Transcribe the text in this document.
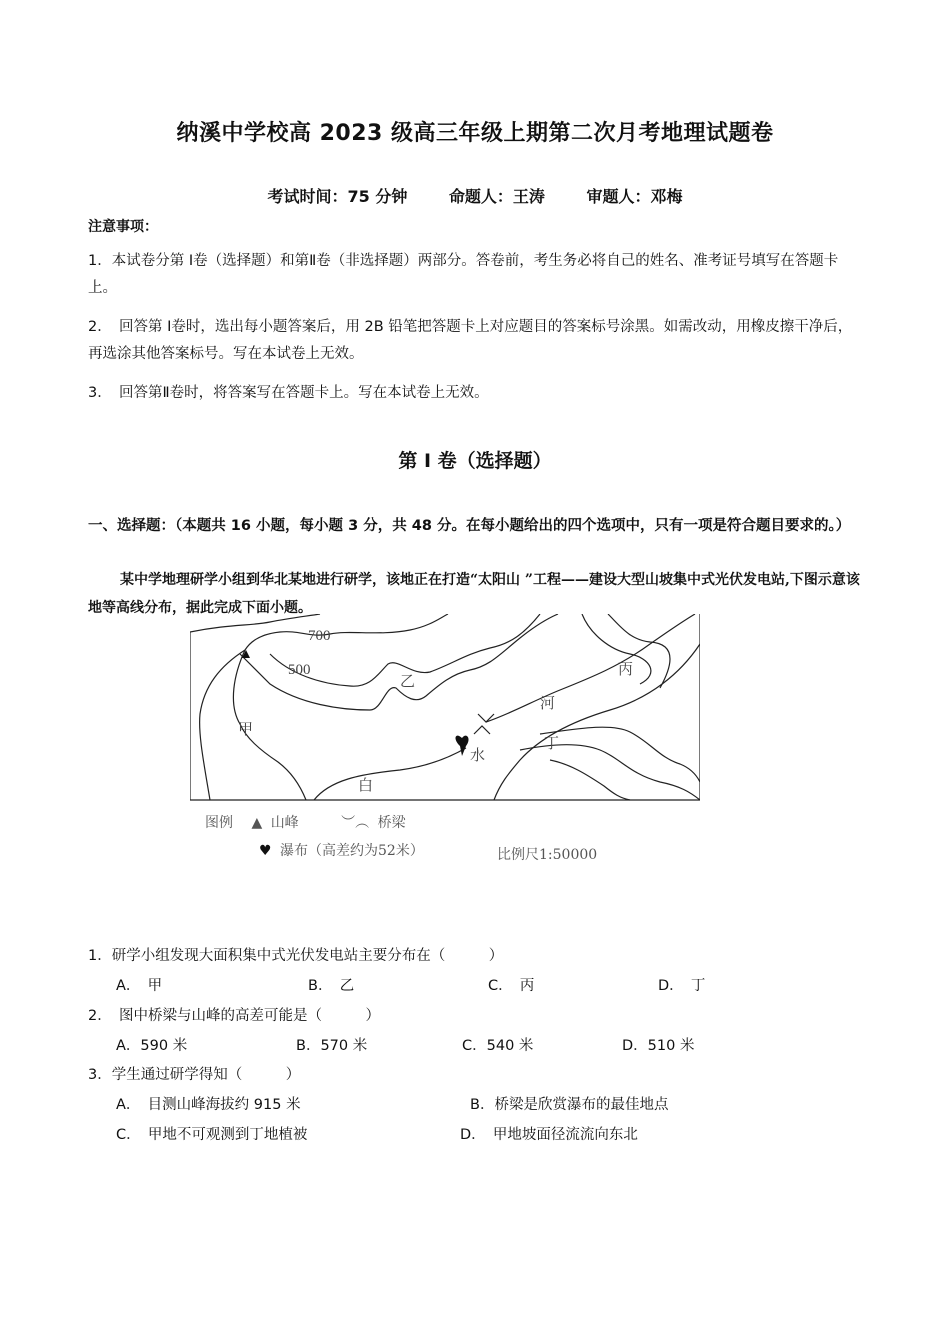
纳溪中学校高 2023 级高三年级上期第二次月考地理试题卷
考试时间：75 分钟	命题人：王涛	审题人：邓梅
注意事项：
1．本试卷分第 Ⅰ卷（选择题）和第Ⅱ卷（非选择题）两部分。答卷前，考生务必将自己的姓名、准考证号填写在答题卡上。
2．　回答第 Ⅰ卷时，选出每小题答案后，用 2B 铅笔把答题卡上对应题目的答案标号涂黑。如需改动，用橡皮擦干净后，再选涂其他答案标号。写在本试卷上无效。
3．　回答第Ⅱ卷时，将答案写在答题卡上。写在本试卷上无效。
第 Ⅰ 卷（选择题）
一、选择题：（本题共 16 小题，每小题 3 分，共 48 分。在每小题给出的四个选项中，只有一项是符合题目要求的。）
某中学地理研学小组到华北某地进行研学，该地正在打造“太阳山 ”工程——建设大型山坡集中式光伏发电站,下图示意该地等高线分布，据此完成下面小题。
700
500
甲
乙
丙
河
丁
水
白
图例 ▲ 山峰	︶︵ 桥梁
♥ 瀑布（高差约为52米）	比例尺1:50000
1．研学小组发现大面积集中式光伏发电站主要分布在（　　　）
A．　甲	B．　乙	C．　丙	D．　丁
2．　图中桥梁与山峰的高差可能是（　　　）
A．590 米	B．570 米	C．540 米	D．510 米
3．学生通过研学得知（　　　）
A．　目测山峰海拔约 915 米	B．桥梁是欣赏瀑布的最佳地点
C．　甲地不可观测到丁地植被	D．　甲地坡面径流流向东北
